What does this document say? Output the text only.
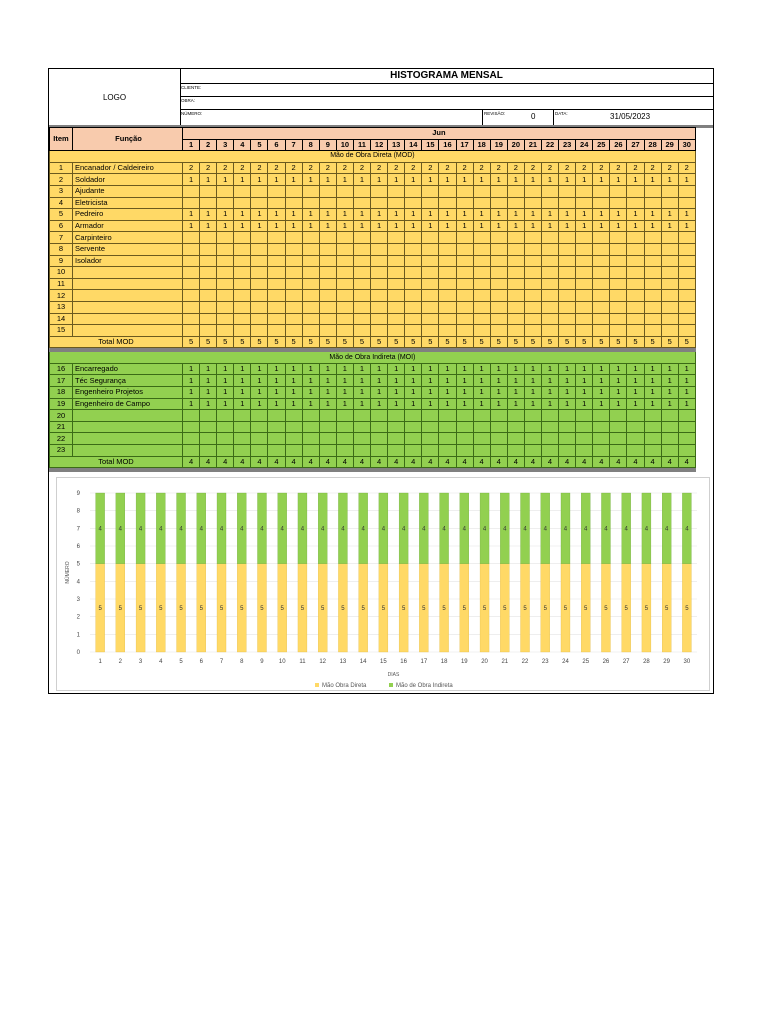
LOGO
HISTOGRAMA MENSAL
CLIENTE:
OBRA:
NÚMERO:	REVISÃO:	0	DATA:	31/05/2023
Item	Função	Jun																													
		1	2	3	4	5	6	7	8	9	10	11	12	13	14	15	16	17	18	19	20	21	22	23	24	25	26	27	28	29	30
Mão de Obra Direta (MOD)																															
1	Encanador / Caldeireiro	2	2	2	2	2	2	2	2	2	2	2	2	2	2	2	2	2	2	2	2	2	2	2	2	2	2	2	2	2	2
2	Soldador	1	1	1	1	1	1	1	1	1	1	1	1	1	1	1	1	1	1	1	1	1	1	1	1	1	1	1	1	1	1
3	Ajudante																														
4	Eletricista																														
5	Pedreiro	1	1	1	1	1	1	1	1	1	1	1	1	1	1	1	1	1	1	1	1	1	1	1	1	1	1	1	1	1	1
6	Armador	1	1	1	1	1	1	1	1	1	1	1	1	1	1	1	1	1	1	1	1	1	1	1	1	1	1	1	1	1	1
7	Carpinteiro																														
8	Servente																														
9	Isolador																														
10																															
11																															
12																															
13																															
14																															
15																															
Total MOD		5	5	5	5	5	5	5	5	5	5	5	5	5	5	5	5	5	5	5	5	5	5	5	5	5	5	5	5	5	5

Mão de Obra Indireta (MOI)																															
16	Encarregado	1	1	1	1	1	1	1	1	1	1	1	1	1	1	1	1	1	1	1	1	1	1	1	1	1	1	1	1	1	1
17	Téc Segurança	1	1	1	1	1	1	1	1	1	1	1	1	1	1	1	1	1	1	1	1	1	1	1	1	1	1	1	1	1	1
18	Engenheiro Projetos	1	1	1	1	1	1	1	1	1	1	1	1	1	1	1	1	1	1	1	1	1	1	1	1	1	1	1	1	1	1
19	Engenheiro de Campo	1	1	1	1	1	1	1	1	1	1	1	1	1	1	1	1	1	1	1	1	1	1	1	1	1	1	1	1	1	1
20																															
21																															
22																															
23																															
Total MOD		4	4	4	4	4	4	4	4	4	4	4	4	4	4	4	4	4	4	4	4	4	4	4	4	4	4	4	4	4	4

0
1
2
3
4
5
6
7
8
9
5
4
1
5
4
2
5
4
3
5
4
4
5
4
5
5
4
6
5
4
7
5
4
8
5
4
9
5
4
10
5
4
11
5
4
12
5
4
13
5
4
14
5
4
15
5
4
16
5
4
17
5
4
18
5
4
19
5
4
20
5
4
21
5
4
22
5
4
23
5
4
24
5
4
25
5
4
26
5
4
27
5
4
28
5
4
29
5
4
30
DIAS
NÚMERO
Mão Obra Direta	Mão de Obra Indireta
